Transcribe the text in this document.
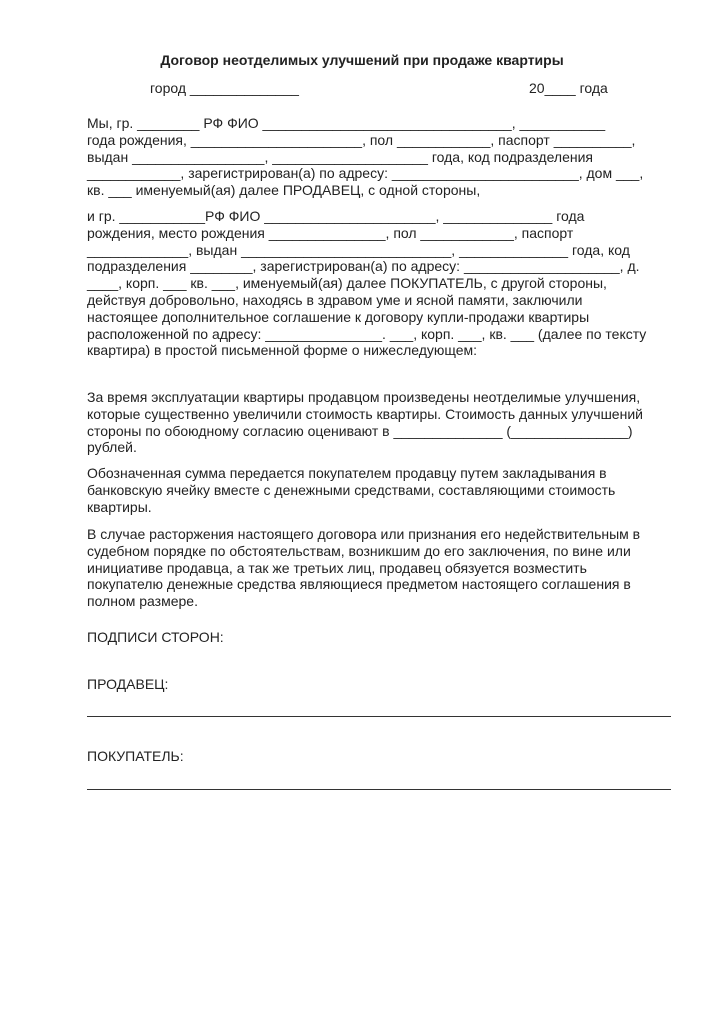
Договор неотделимых улучшений при продаже квартиры
город ______________	20____ года
Мы, гр. ________ РФ ФИО ________________________________, ___________
года рождения, ______________________, пол ____________, паспорт __________,
выдан _________________, ____________________ года, код подразделения
____________, зарегистрирован(а) по адресу: ________________________, дом ___,
кв. ___ именуемый(ая) далее ПРОДАВЕЦ, с одной стороны,
и гр. ___________РФ ФИО ______________________, ______________ года
рождения, место рождения _______________, пол ____________, паспорт
_____________, выдан ___________________________, ______________ года, код
подразделения ________, зарегистрирован(а) по адресу: ____________________, д.
____, корп. ___ кв. ___, именуемый(ая) далее ПОКУПАТЕЛЬ, с другой стороны,
действуя добровольно, находясь в здравом уме и ясной памяти, заключили
настоящее дополнительное соглашение к договору купли-продажи квартиры
расположенной по адресу: _______________. ___, корп. ___, кв. ___ (далее по тексту
квартира) в простой письменной форме о нижеследующем:
За время эксплуатации квартиры продавцом произведены неотделимые улучшения,
которые существенно увеличили стоимость квартиры. Стоимость данных улучшений
стороны по обоюдному согласию оценивают в ______________ (_______________)
рублей.
Обозначенная сумма передается покупателем продавцу путем закладывания в
банковскую ячейку вместе с денежными средствами, составляющими стоимость
квартиры.
В случае расторжения настоящего договора или признания его недействительным в
судебном порядке по обстоятельствам, возникшим до его заключения, по вине или
инициативе продавца, а так же третьих лиц, продавец обязуется возместить
покупателю денежные средства являющиеся предметом настоящего соглашения в
полном размере.
ПОДПИСИ СТОРОН:
ПРОДАВЕЦ:
ПОКУПАТЕЛЬ:
